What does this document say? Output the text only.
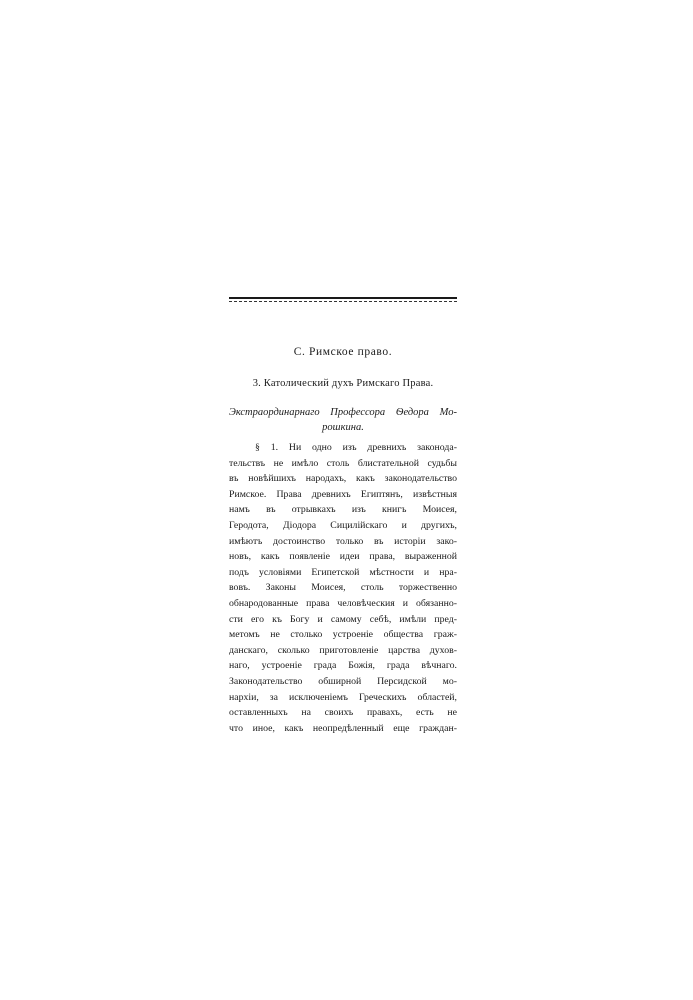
С. Римское право.
3. Католический духъ Римскаго Права.
Экстраординарнаго Профессора Ѳедора Мо-
рошкина.
§ 1. Ни одно изъ древнихъ законода-
тельствъ не имѣло столь блистательной судьбы
въ новѣйшихъ народахъ, какъ законодательство
Римское. Права древнихъ Египтянъ, извѣстныя
намъ въ отрывкахъ изъ книгъ Моисея,
Геродота, Діодора Сицилійскаго и другихъ,
имѣютъ достоинство только въ исторіи зако-
новъ, какъ появленіе идеи права, выраженной
подъ условіями Египетской мѣстности и нра-
вовъ. Законы Моисея, столь торжественно
обнародованные права человѣческия и обязанно-
сти его къ Богу и самому себѣ, имѣли пред-
метомъ не столько устроеніе общества граж-
данскаго, сколько приготовленіе царства духов-
наго, устроеніе града Божія, града вѣчнаго.
Законодательство обширной Персидской мо-
нархіи, за исключеніемъ Греческихъ областей,
оставленныхъ на своихъ правахъ, есть не
что иное, какъ неопредѣленный еще граждан-
